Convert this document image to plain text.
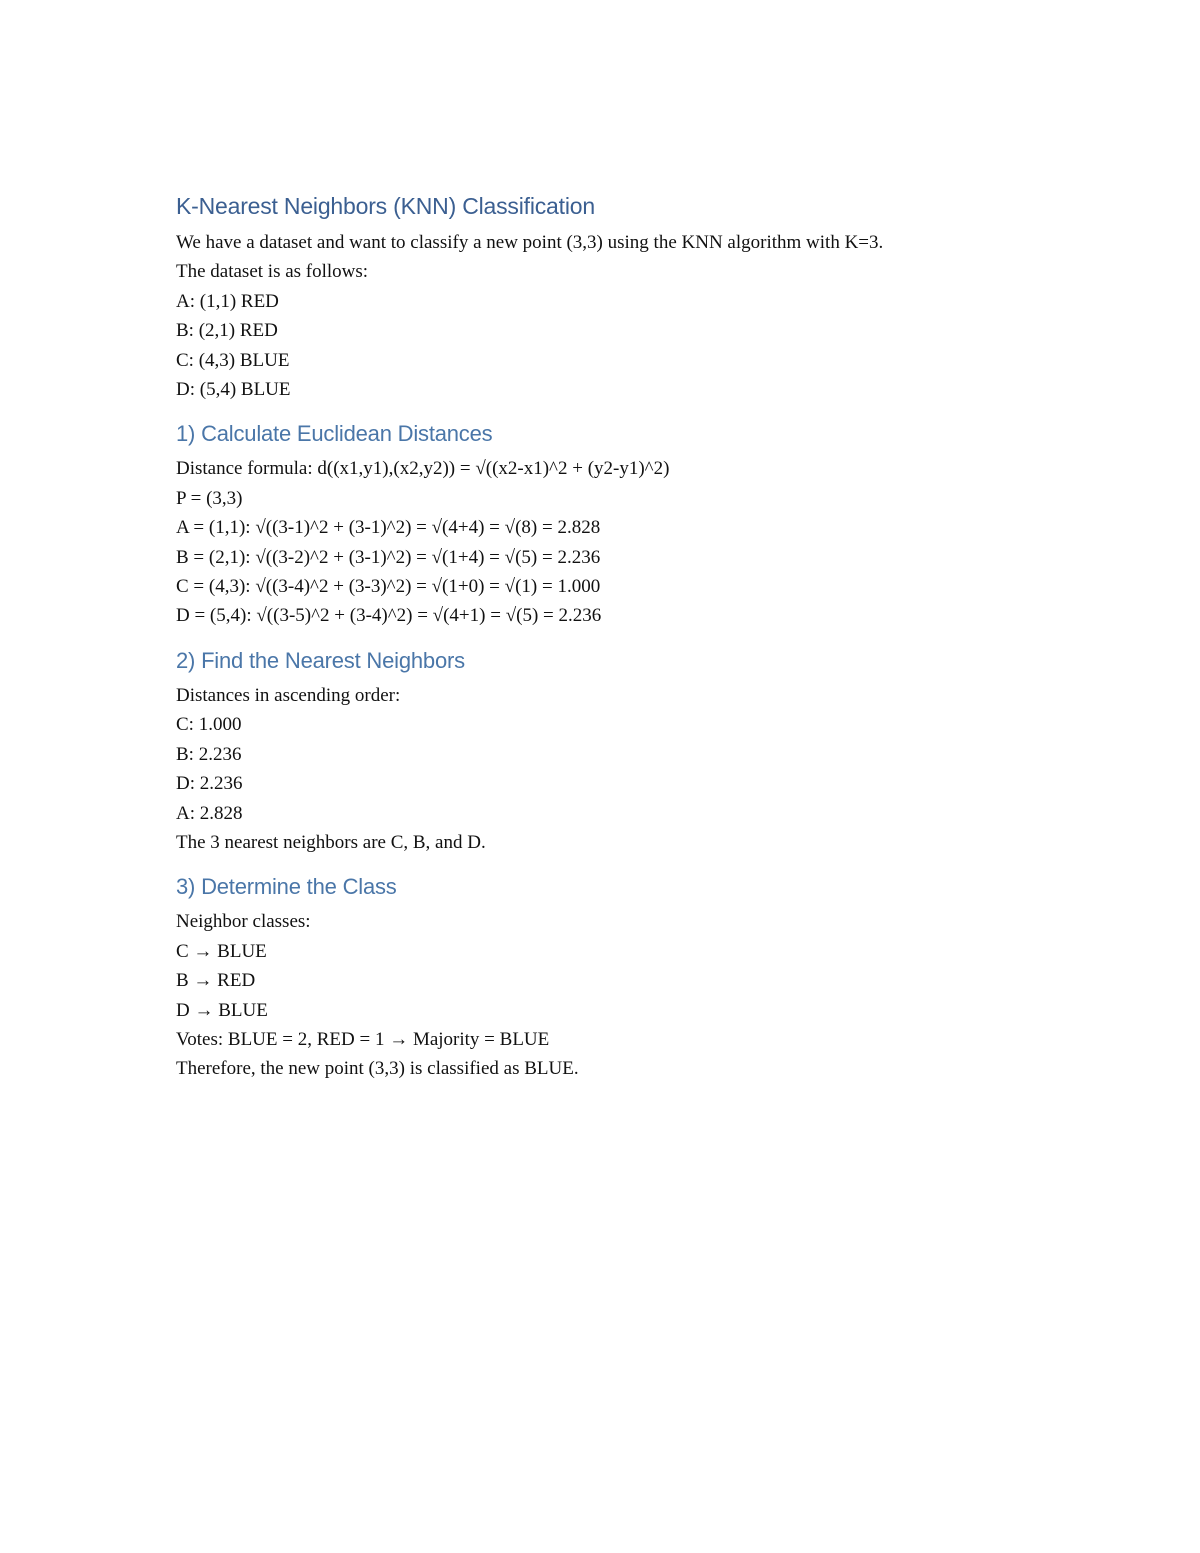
K-Nearest Neighbors (KNN) Classification
We have a dataset and want to classify a new point (3,3) using the KNN algorithm with K=3.
The dataset is as follows:
A: (1,1) RED
B: (2,1) RED
C: (4,3) BLUE
D: (5,4) BLUE
1) Calculate Euclidean Distances
Distance formula: d((x1,y1),(x2,y2)) = √((x2-x1)^2 + (y2-y1)^2)
P = (3,3)
A = (1,1): √((3-1)^2 + (3-1)^2) = √(4+4) = √(8) = 2.828
B = (2,1): √((3-2)^2 + (3-1)^2) = √(1+4) = √(5) = 2.236
C = (4,3): √((3-4)^2 + (3-3)^2) = √(1+0) = √(1) = 1.000
D = (5,4): √((3-5)^2 + (3-4)^2) = √(4+1) = √(5) = 2.236
2) Find the Nearest Neighbors
Distances in ascending order:
C: 1.000
B: 2.236
D: 2.236
A: 2.828
The 3 nearest neighbors are C, B, and D.
3) Determine the Class
Neighbor classes:
C → BLUE
B → RED
D → BLUE
Votes: BLUE = 2, RED = 1 → Majority = BLUE
Therefore, the new point (3,3) is classified as BLUE.
